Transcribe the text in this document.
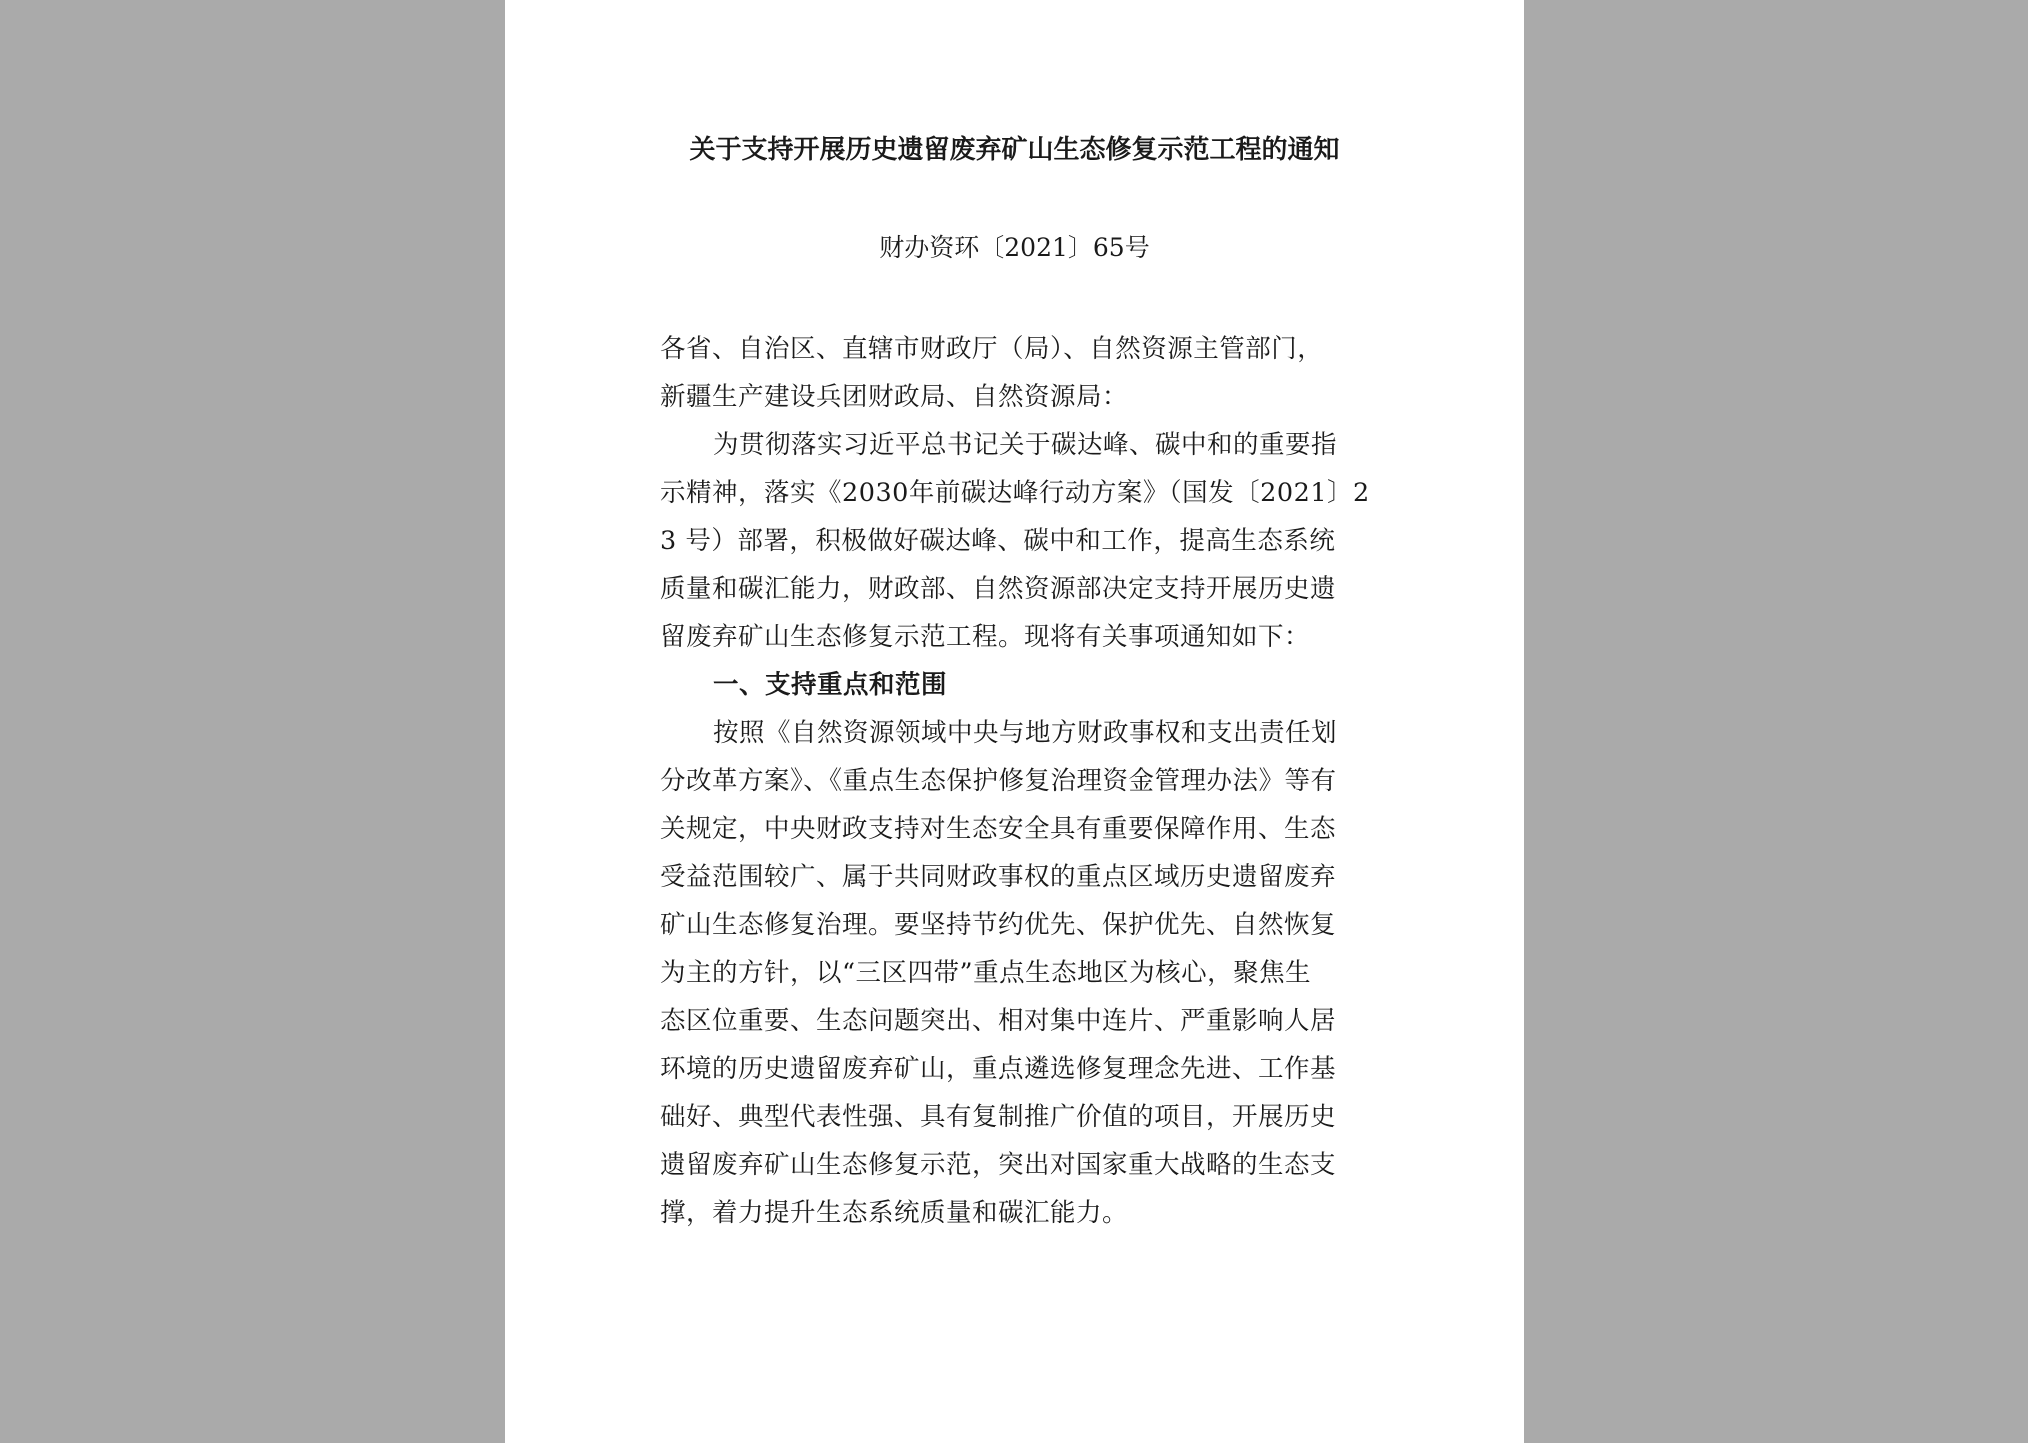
关于支持开展历史遗留废弃矿山生态修复示范工程的通知
财办资环〔2021〕65号
各省、自治区、直辖市财政厅（局）、自然资源主管部门，
新疆生产建设兵团财政局、自然资源局：
为贯彻落实习近平总书记关于碳达峰、碳中和的重要指
示精神，落实《2030年前碳达峰行动方案》（国发〔2021〕2
3 号）部署，积极做好碳达峰、碳中和工作，提高生态系统
质量和碳汇能力，财政部、自然资源部决定支持开展历史遗
留废弃矿山生态修复示范工程。现将有关事项通知如下：
一、支持重点和范围
按照《自然资源领域中央与地方财政事权和支出责任划
分改革方案》、《重点生态保护修复治理资金管理办法》等有
关规定，中央财政支持对生态安全具有重要保障作用、生态
受益范围较广、属于共同财政事权的重点区域历史遗留废弃
矿山生态修复治理。要坚持节约优先、保护优先、自然恢复
为主的方针，以“三区四带”重点生态地区为核心，聚焦生
态区位重要、生态问题突出、相对集中连片、严重影响人居
环境的历史遗留废弃矿山，重点遴选修复理念先进、工作基
础好、典型代表性强、具有复制推广价值的项目，开展历史
遗留废弃矿山生态修复示范，突出对国家重大战略的生态支
撑，着力提升生态系统质量和碳汇能力。
